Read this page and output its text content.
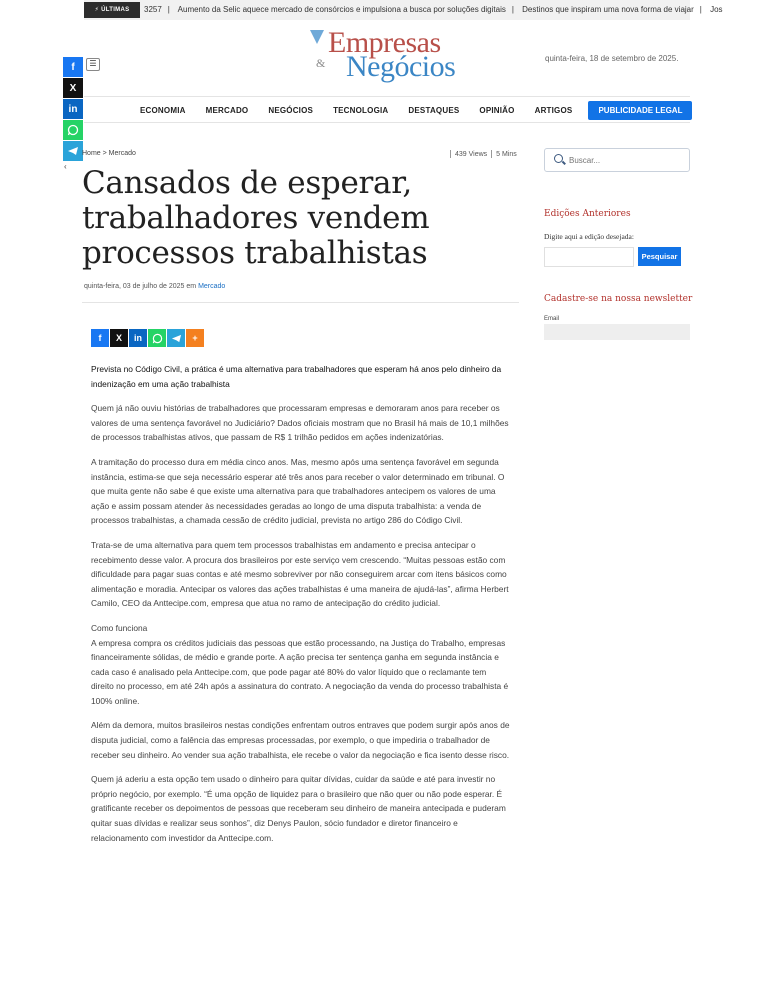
⚡ ÚLTIMAS	3257 | Aumento da Selic aquece mercado de consórcios e impulsiona a busca por soluções digitais | Destinos que inspiram uma nova forma de viajar | Jos
☰
Empresas
& Negócios	quinta-feira, 18 de setembro de 2025.
ECONOMIA	MERCADO	NEGÓCIOS	TECNOLOGIA	DESTAQUES	OPINIÃO	ARTIGOS	PUBLICIDADE LEGAL
f
X
in
‹
Home > Mercado	439 Views 5 Mins
Cansados de esperar, trabalhadores vendem processos trabalhistas
quinta-feira, 03 de julho de 2025 em Mercado
f	X	in	+

Prevista no Código Civil, a prática é uma alternativa para trabalhadores que esperam há anos pelo dinheiro da indenização em uma ação trabalhista

Quem já não ouviu histórias de trabalhadores que processaram empresas e demoraram anos para receber os valores de uma sentença favorável no Judiciário? Dados oficiais mostram que no Brasil há mais de 10,1 milhões de processos trabalhistas ativos, que passam de R$ 1 trilhão pedidos em ações indenizatórias.

A tramitação do processo dura em média cinco anos. Mas, mesmo após uma sentença favorável em segunda instância, estima-se que seja necessário esperar até três anos para receber o valor determinado em tribunal. O que muita gente não sabe é que existe uma alternativa para que trabalhadores antecipem os valores de uma ação e assim possam atender às necessidades geradas ao longo de uma disputa trabalhista: a venda de processos trabalhistas, a chamada cessão de crédito judicial, prevista no artigo 286 do Código Civil.

Trata-se de uma alternativa para quem tem processos trabalhistas em andamento e precisa antecipar o recebimento desse valor. A procura dos brasileiros por este serviço vem crescendo. “Muitas pessoas estão com dificuldade para pagar suas contas e até mesmo sobreviver por não conseguirem arcar com itens básicos como alimentação e moradia. Antecipar os valores das ações trabalhistas é uma maneira de ajudá-las”, afirma Herbert Camilo, CEO da Anttecipe.com, empresa que atua no ramo de antecipação do crédito judicial.

Como funciona
A empresa compra os créditos judiciais das pessoas que estão processando, na Justiça do Trabalho, empresas financeiramente sólidas, de médio e grande porte. A ação precisa ter sentença ganha em segunda instância e cada caso é analisado pela Anttecipe.com, que pode pagar até 80% do valor líquido que o reclamante tem direito no processo, em até 24h após a assinatura do contrato. A negociação da venda do processo trabalhista é 100% online.

Além da demora, muitos brasileiros nestas condições enfrentam outros entraves que podem surgir após anos de disputa judicial, como a falência das empresas processadas, por exemplo, o que impediria o trabalhador de receber seu dinheiro. Ao vender sua ação trabalhista, ele recebe o valor da negociação e fica isento desse risco.

Quem já aderiu a esta opção tem usado o dinheiro para quitar dívidas, cuidar da saúde e até para investir no próprio negócio, por exemplo. “É uma opção de liquidez para o brasileiro que não quer ou não pode esperar. É gratificante receber os depoimentos de pessoas que receberam seu dinheiro de maneira antecipada e puderam quitar suas dívidas e realizar seus sonhos”, diz Denys Paulon, sócio fundador e diretor financeiro e relacionamento com investidor da Anttecipe.com.

Buscar...
Edições Anteriores
Digite aqui a edição desejada:
Pesquisar
Cadastre-se na nossa newsletter
Email
